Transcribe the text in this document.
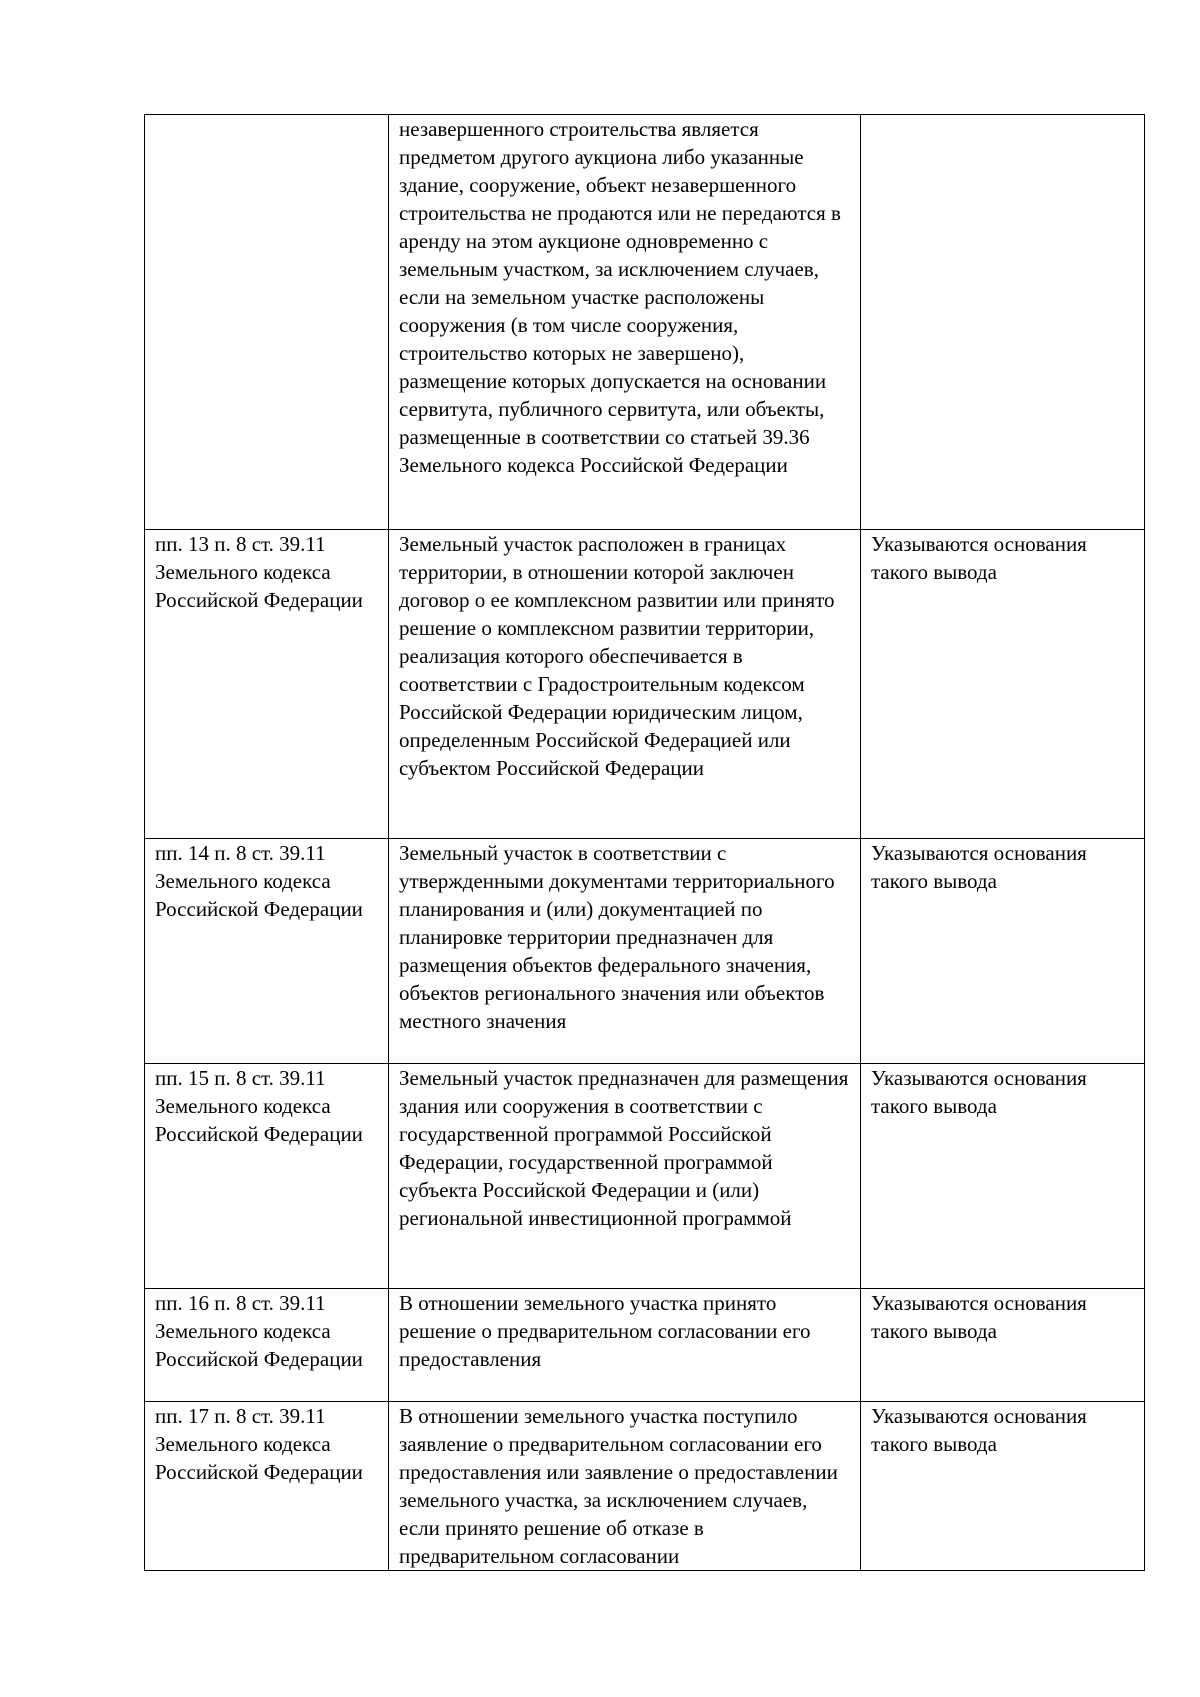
	незавершенного строительства является предметом другого аукциона либо указанные здание, сооружение, объект незавершенного строительства не продаются или не передаются в аренду на этом аукционе одновременно с земельным участком, за исключением случаев, если на земельном участке расположены сооружения (в том числе сооружения, строительство которых не завершено), размещение которых допускается на основании сервитута, публичного сервитута, или объекты, размещенные в соответствии со статьей 39.36 Земельного кодекса Российской Федерации	

пп. 13 п. 8 ст. 39.11 Земельного кодекса Российской Федерации	Земельный участок расположен в границах территории, в отношении которой заключен договор о ее комплексном развитии или принято решение о комплексном развитии территории, реализация которого обеспечивается в соответствии с Градостроительным кодексом Российской Федерации юридическим лицом, определенным Российской Федерацией или субъектом Российской Федерации	Указываются основания такого вывода

пп. 14 п. 8 ст. 39.11 Земельного кодекса Российской Федерации	Земельный участок в соответствии с утвержденными документами территориального планирования и (или) документацией по планировке территории предназначен для размещения объектов федерального значения, объектов регионального значения или объектов местного значения	Указываются основания такого вывода

пп. 15 п. 8 ст. 39.11 Земельного кодекса Российской Федерации	Земельный участок предназначен для размещения здания или сооружения в соответствии с государственной программой Российской Федерации, государственной программой субъекта Российской Федерации и (или) региональной инвестиционной программой	Указываются основания такого вывода

пп. 16 п. 8 ст. 39.11 Земельного кодекса Российской Федерации	В отношении земельного участка принято решение о предварительном согласовании его предоставления	Указываются основания такого вывода

пп. 17 п. 8 ст. 39.11 Земельного кодекса Российской Федерации	В отношении земельного участка поступило заявление о предварительном согласовании его предоставления или заявление о предоставлении земельного участка, за исключением случаев, если принято решение об отказе в предварительном согласовании	Указываются основания такого вывода
